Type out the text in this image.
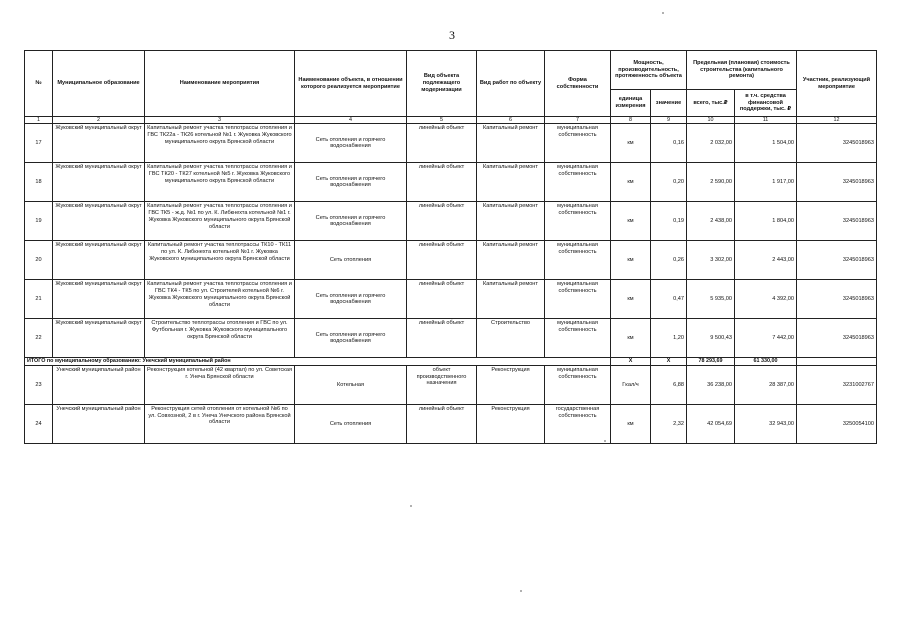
3
№	Муниципальное образование	Наименование мероприятия	Наименование объекта, в отношении которого реализуется мероприятие	Вид объекта подлежащего модернизации	Вид работ по объекту	Форма собственности	Мощность, производительность, протяженность объекта		Предельная (плановая) стоимость строительства (капитального ремонта)		Участник, реализующий мероприятие
							единица измерения	значение	всего, тыс.₽	в т.ч. средства финансовой поддержки, тыс. ₽	
1	2	3	4	5	6	7	8	9	10	11	12
17	Жуковский муниципальный округ	Капитальный ремонт участка теплотрассы отопления и ГВС ТК22а - ТК26 котельной №1 г. Жуковка Жуковского муниципального округа Брянской области	Сеть отопления и горячего водоснабжения	линейный объект	Капитальный ремонт	муниципальная собственность	км	0,16	2 032,00	1 504,00	3245018963
18	Жуковский муниципальный округ	Капитальный ремонт участка теплотрассы отопления и ГВС ТК20 - ТК27 котельной №5 г. Жуковка Жуковского муниципального округа Брянской области	Сеть отопления и горячего водоснабжения	линейный объект	Капитальный ремонт	муниципальная собственность	км	0,20	2 590,00	1 917,00	3245018963
19	Жуковский муниципальный округ	Капитальный ремонт участка теплотрассы отопления и ГВС ТК5 - ж.д. №1 по ул. К. Либкнехта котельной №1 г. Жуковка Жуковского муниципального округа Брянской области	Сеть отопления и горячего водоснабжения	линейный объект	Капитальный ремонт	муниципальная собственность	км	0,19	2 438,00	1 804,00	3245018963
20	Жуковский муниципальный округ	Капитальный ремонт участка теплотрассы ТК10 - ТК11 по ул. К. Либкнехта котельной №1 г. Жуковка Жуковского муниципального округа Брянской области	Сеть отопления	линейный объект	Капитальный ремонт	муниципальная собственность	км	0,26	3 302,00	2 443,00	3245018963
21	Жуковский муниципальный округ	Капитальный ремонт участка теплотрассы отопления и ГВС ТК4 - ТК5 по ул. Строителей котельной №6 г. Жуковка Жуковского муниципального округа Брянской области	Сеть отопления и горячего водоснабжения	линейный объект	Капитальный ремонт	муниципальная собственность	км	0,47	5 935,00	4 392,00	3245018963
22	Жуковский муниципальный округ	Строительство теплотрассы отопления и ГВС по ул. Футбольная г. Жуковка Жуковского муниципального округа Брянской области	Сеть отопления и горячего водоснабжения	линейный объект	Строительство	муниципальная собственность	км	1,20	9 500,43	7 442,00	3245018963
ИТОГО по муниципальному образованию: Унечский муниципальный район							X	X	78 293,69	61 330,00	
23	Унечский муниципальный район	Реконструкция котельной (42 квартал) по ул. Советская г. Унеча Брянской области	Котельная	объект производственного назначения	Реконструкция	муниципальная собственность	Гкал/ч	6,88	36 238,00	28 387,00	3231002767
24	Унечский муниципальный район	Реконструкция сетей отопления от котельной №6 по ул. Совхозной, 2 в г. Унеча Унечского района Брянской области	Сеть отопления	линейный объект	Реконструкция	государственная собственность	км	2,32	42 054,69	32 943,00	3250054100
